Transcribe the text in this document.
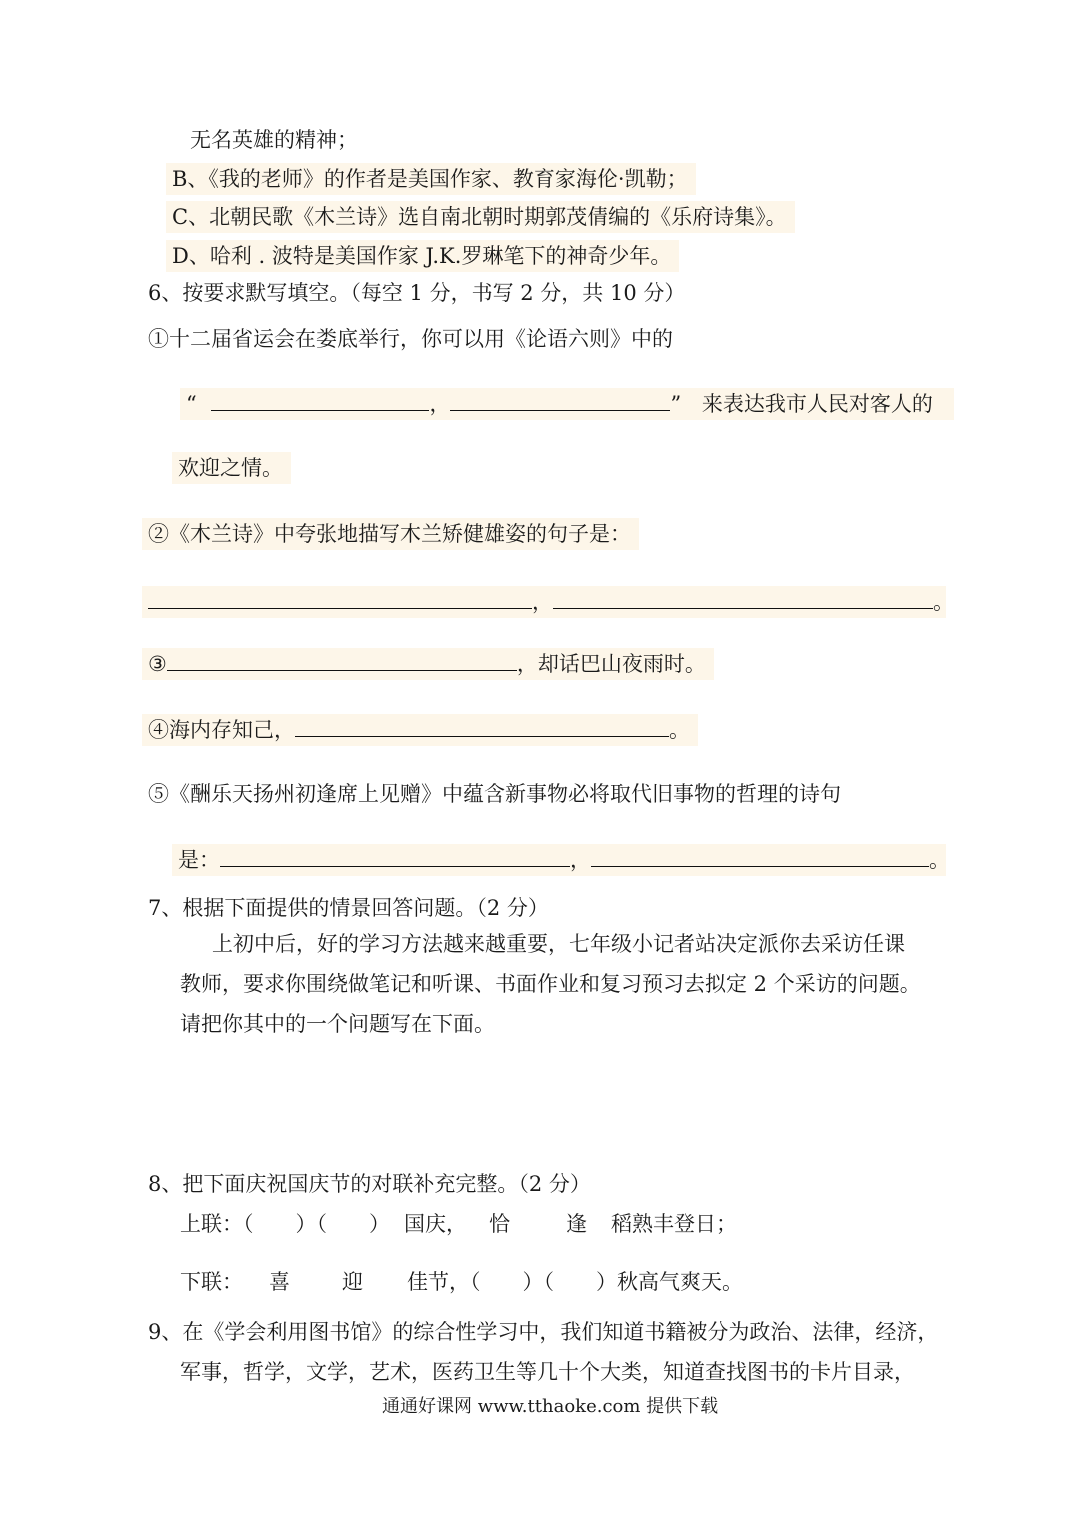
无名英雄的精神；
B、《我的老师》的作者是美国作家、教育家海伦·凯勒；
C、北朝民歌《木兰诗》选自南北朝时期郭茂倩编的《乐府诗集》。
D、哈利 . 波特是美国作家 J.K.罗琳笔下的神奇少年。
6、按要求默写填空。（每空 1 分，书写 2 分，共 10 分）
①十二届省运会在娄底举行，你可以用《论语六则》中的
“	，	” 来表达我市人民对客人的
欢迎之情。
②《木兰诗》中夸张地描写木兰矫健雄姿的句子是：
，	。
③	，却话巴山夜雨时。
④海内存知己，	。
⑤《酬乐天扬州初逢席上见赠》中蕴含新事物必将取代旧事物的哲理的诗句
是：	，	。
7、根据下面提供的情景回答问题。（2 分）
上初中后，好的学习方法越来越重要，七年级小记者站决定派你去采访任课
教师，要求你围绕做笔记和听课、书面作业和复习预习去拟定 2 个采访的问题。
请把你其中的一个问题写在下面。
8、把下面庆祝国庆节的对联补充完整。（2 分）
上联：（　　）（　　） 国庆， 恰	逢 稻熟丰登日；
下联： 喜 迎 佳节，（　　）（　　）秋高气爽天。
9、在《学会利用图书馆》的综合性学习中，我们知道书籍被分为政治、法律，经济，
军事，哲学，文学，艺术，医药卫生等几十个大类，知道查找图书的卡片目录，
通通好课网 www.tthaoke.com 提供下载
